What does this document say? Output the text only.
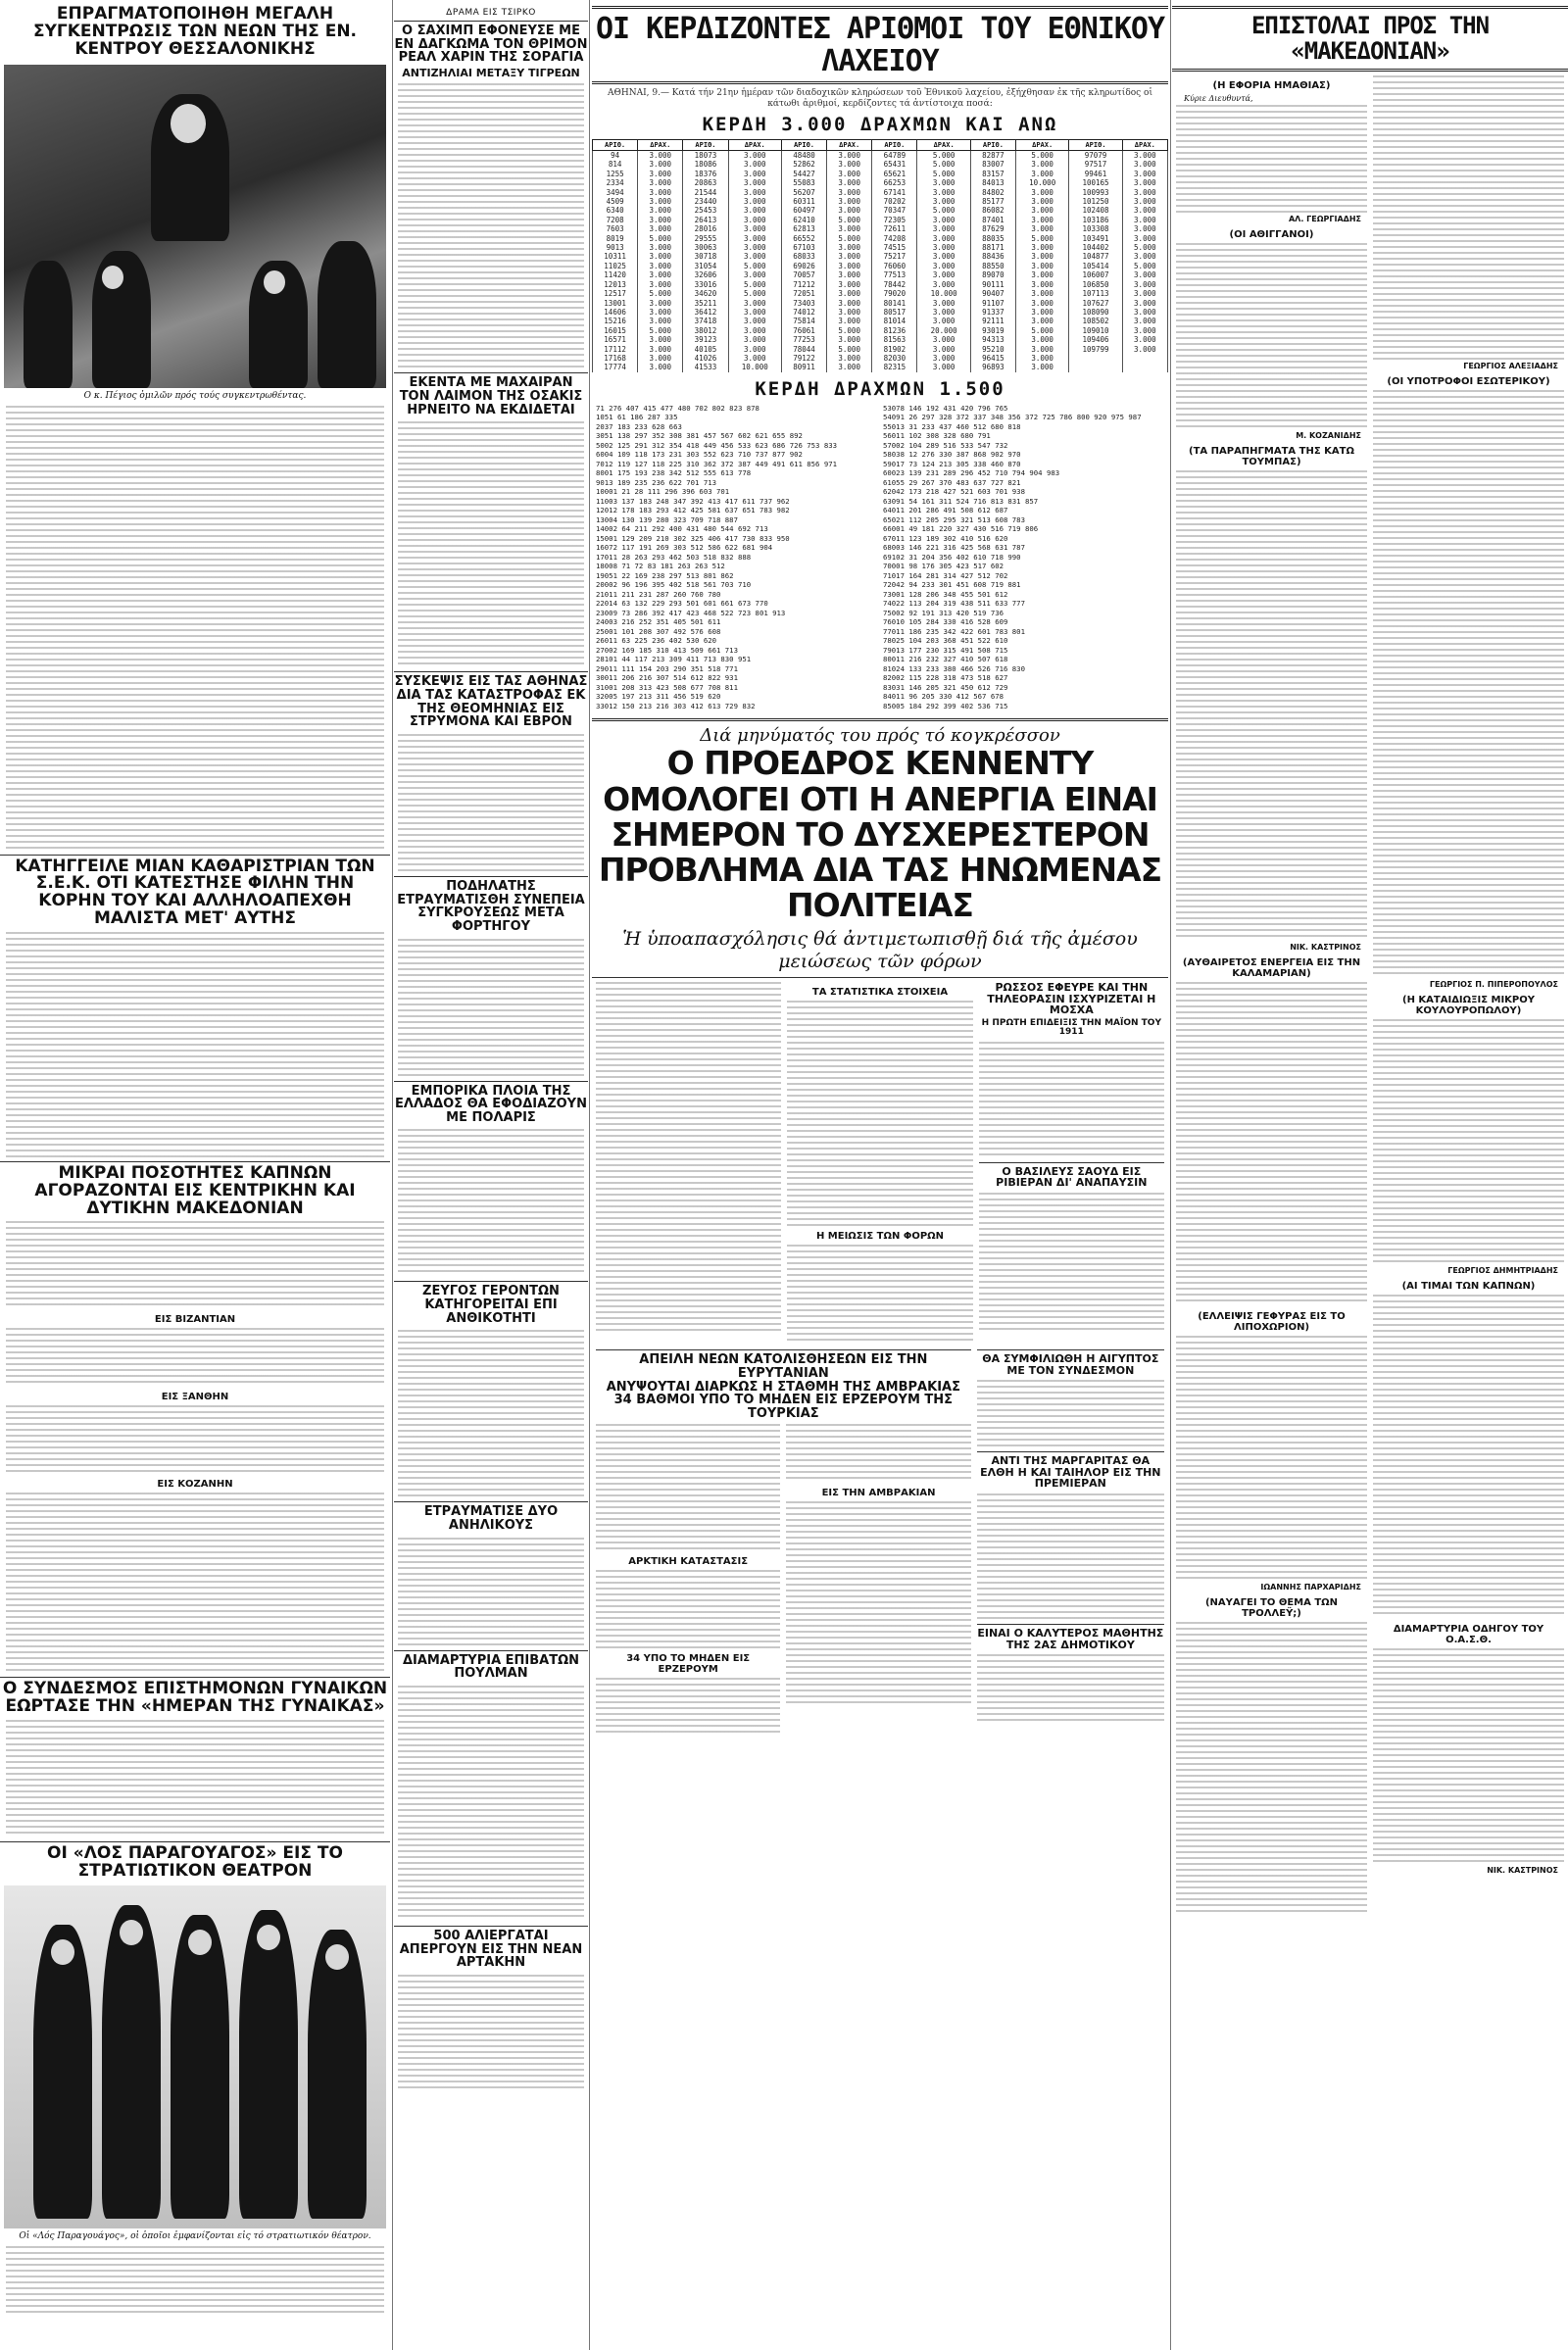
ΕΠΡΑΓΜΑΤΟΠΟΙΗΘΗ ΜΕΓΑΛΗ ΣΥΓΚΕΝΤΡΩΣΙΣ ΤΩΝ ΝΕΩΝ ΤΗΣ ΕΝ. ΚΕΝΤΡΟΥ ΘΕΣΣΑΛΟΝΙΚΗΣ
Ο κ. Πέγιος ὁμιλῶν πρός τούς συγκεντρωθέντας.
ΚΑΤΗΓΓΕΙΛΕ ΜΙΑΝ ΚΑΘΑΡΙΣΤΡΙΑΝ ΤΩΝ Σ.Ε.Κ. ΟΤΙ ΚΑΤΕΣΤΗΣΕ ΦΙΛΗΝ ΤΗΝ ΚΟΡΗΝ ΤΟΥ ΚΑΙ ΑΛΛΗΛΟΑΠΕΧΘΗ ΜΑΛΙΣΤΑ ΜΕΤ' ΑΥΤΗΣ
ΜΙΚΡΑΙ ΠΟΣΟΤΗΤΕΣ ΚΑΠΝΩΝ ΑΓΟΡΑΖΟΝΤΑΙ ΕΙΣ ΚΕΝΤΡΙΚΗΝ ΚΑΙ ΔΥΤΙΚΗΝ ΜΑΚΕΔΟΝΙΑΝ
ΕΙΣ ΒΙΖΑΝΤΙΑΝ
ΕΙΣ ΞΑΝΘΗΝ
ΕΙΣ ΚΟΖΑΝΗΝ
Ο ΣΥΝΔΕΣΜΟΣ ΕΠΙΣΤΗΜΟΝΩΝ ΓΥΝΑΙΚΩΝ ΕΩΡΤΑΣΕ ΤΗΝ «ΗΜΕΡΑΝ ΤΗΣ ΓΥΝΑΙΚΑΣ»
ΟΙ «ΛΟΣ ΠΑΡΑΓΟΥΑΓΟΣ» ΕΙΣ ΤΟ ΣΤΡΑΤΙΩΤΙΚΟΝ ΘΕΑΤΡΟΝ
Οἱ «Λός Παραγουάγος», οἱ ὁποῖοι ἐμφανίζονται εἰς τό στρατιωτικόν θέατρον.
ΔΡΑΜΑ ΕΙΣ ΤΣΙΡΚΟ
Ο ΣΑΧΙΜΠ ΕΦΟΝΕΥΣΕ ΜΕ ΕΝ ΔΑΓΚΩΜΑ ΤΟΝ ΘΡΙΜΟΝ ΡΕΑΛ ΧΑΡΙΝ ΤΗΣ ΣΟΡΑΓΙΑ
ΑΝΤΙΖΗΛΙΑΙ ΜΕΤΑΞΥ ΤΙΓΡΕΩΝ
ΕΚΕΝΤΑ ΜΕ ΜΑΧΑΙΡΑΝ ΤΟΝ ΛΑΙΜΟΝ ΤΗΣ ΟΣΑΚΙΣ ΗΡΝΕΙΤΟ ΝΑ ΕΚΔΙΔΕΤΑΙ
ΣΥΣΚΕΨΙΣ ΕΙΣ ΤΑΣ ΑΘΗΝΑΣ ΔΙΑ ΤΑΣ ΚΑΤΑΣΤΡΟΦΑΣ ΕΚ ΤΗΣ ΘΕΟΜΗΝΙΑΣ ΕΙΣ ΣΤΡΥΜΟΝΑ ΚΑΙ ΕΒΡΟΝ
ΠΟΔΗΛΑΤΗΣ ΕΤΡΑΥΜΑΤΙΣΘΗ ΣΥΝΕΠΕΙΑ ΣΥΓΚΡΟΥΣΕΩΣ ΜΕΤΑ ΦΟΡΤΗΓΟΥ
ΕΜΠΟΡΙΚΑ ΠΛΟΙΑ ΤΗΣ ΕΛΛΑΔΟΣ ΘΑ ΕΦΟΔΙΑΖΟΥΝ ΜΕ ΠΟΛΑΡΙΣ
ΖΕΥΓΟΣ ΓΕΡΟΝΤΩΝ ΚΑΤΗΓΟΡΕΙΤΑΙ ΕΠΙ ΑΝΘΙΚΟΤΗΤΙ
ΕΤΡΑΥΜΑΤΙΣΕ ΔΥΟ ΑΝΗΛΙΚΟΥΣ
ΔΙΑΜΑΡΤΥΡΙΑ ΕΠΙΒΑΤΩΝ ΠΟΥΛΜΑΝ
500 ΑΛΙΕΡΓΑΤΑΙ ΑΠΕΡΓΟΥΝ ΕΙΣ ΤΗΝ ΝΕΑΝ ΑΡΤΑΚΗΝ
ΟΙ ΚΕΡΔΙΖΟΝΤΕΣ ΑΡΙΘΜΟΙ ΤΟΥ ΕΘΝΙΚΟΥ ΛΑΧΕΙΟΥ
ΑΘΗΝΑΙ, 9.— Κατά τήν 21ην ἡμέραν τῶν διαδοχικῶν κληρώσεων τοῦ Ἐθνικοῦ λαχείου, ἐξήχθησαν ἐκ τῆς κληρωτίδος οἱ κάτωθι ἀριθμοί, κερδίζοντες τά ἀντίστοιχα ποσά:
ΚΕΡΔΗ 3.000 ΔΡΑΧΜΩΝ ΚΑΙ ΑΝΩ
ΑΡΙΘ.	ΔΡΑΧ.	ΑΡΙΘ.	ΔΡΑΧ.	ΑΡΙΘ.	ΔΡΑΧ.	ΑΡΙΘ.	ΔΡΑΧ.	ΑΡΙΘ.	ΔΡΑΧ.	ΑΡΙΘ.	ΔΡΑΧ.
94	3.000	18073	3.000	48480	3.000	64789	5.000	82877	5.000	97079	3.000
814	3.000	18086	3.000	52862	3.000	65431	5.000	83007	3.000	97517	3.000
1255	3.000	18376	3.000	54427	3.000	65621	5.000	83157	3.000	99461	3.000
2334	3.000	20863	3.000	55083	3.000	66253	3.000	84013	10.000	100165	3.000
3494	3.000	21544	3.000	56207	3.000	67141	3.000	84802	3.000	100993	3.000
4509	3.000	23440	3.000	60311	3.000	70202	3.000	85177	3.000	101250	3.000
6340	3.000	25453	3.000	60497	3.000	70347	5.000	86082	3.000	102408	3.000
7208	3.000	26413	3.000	62410	5.000	72305	3.000	87401	3.000	103186	3.000
7603	3.000	28016	3.000	62813	3.000	72611	3.000	87629	3.000	103308	3.000
8019	5.000	29555	3.000	66552	5.000	74208	3.000	88035	5.000	103491	3.000
9013	3.000	30063	3.000	67103	3.000	74515	3.000	88171	3.000	104402	5.000
10311	3.000	30718	3.000	68033	3.000	75217	3.000	88436	3.000	104877	3.000
11025	3.000	31054	5.000	69026	3.000	76060	3.000	88550	3.000	105414	5.000
11420	3.000	32606	3.000	70057	3.000	77513	3.000	89070	3.000	106007	3.000
12013	3.000	33016	5.000	71212	3.000	78442	3.000	90111	3.000	106850	3.000
12517	5.000	34620	5.000	72051	3.000	79020	10.000	90407	3.000	107113	3.000
13001	3.000	35211	3.000	73403	3.000	80141	3.000	91107	3.000	107627	3.000
14606	3.000	36412	3.000	74012	3.000	80517	3.000	91337	3.000	108090	3.000
15216	3.000	37418	3.000	75814	3.000	81014	3.000	92111	3.000	108502	3.000
16015	5.000	38012	3.000	76061	5.000	81236	20.000	93019	5.000	109010	3.000
16571	3.000	39123	3.000	77253	3.000	81563	3.000	94313	3.000	109406	3.000
17112	3.000	40105	3.000	78044	5.000	81902	3.000	95210	3.000	109799	3.000
17168	3.000	41026	3.000	79122	3.000	82030	3.000	96415	3.000		
17774	3.000	41533	10.000	80911	3.000	82315	3.000	96893	3.000		
ΚΕΡΔΗ ΔΡΑΧΜΩΝ 1.500
71 276 407 415 477 480 702 802 823 878
1051 61 186 287 335
2037 183 233 628 663
3051 138 297 352 308 381 457 567 602 621 655 892
5002 125 291 312 354 418 449 456 533 623 686 726 753 833
6004 109 118 173 231 303 552 623 710 737 877 902
7012 119 127 118 225 310 362 372 387 449 491 611 856 971
8001 175 193 238 342 512 555 613 778
9013 189 235 236 622 701 713
10001 21 28 111 296 396 603 701
11003 137 183 248 347 392 413 417 611 737 962
12012 178 183 293 412 425 581 637 651 783 982
13004 130 139 280 323 709 718 887
14002 64 211 292 400 431 480 544 692 713
15001 129 209 210 302 325 406 417 730 833 950
16072 117 191 269 303 512 586 622 681 904
17011 28 263 293 462 503 518 832 888
18008 71 72 83 181 263 263 512
19051 22 169 238 297 513 801 862
20002 96 196 395 402 518 561 703 710
21011 211 231 287 260 760 780
22014 63 132 229 293 501 601 661 673 770
23009 73 286 392 417 423 468 522 723 801 913
24003 216 252 351 405 501 611
25001 101 208 307 492 576 608
26011 63 225 236 402 530 620
27002 169 185 310 413 509 661 713
28101 44 117 213 309 411 713 830 951
29011 111 154 203 290 351 518 771
30011 206 216 307 514 612 822 931
31001 208 313 423 508 677 708 811
32005 197 213 311 456 519 620
33012 150 213 216 303 412 613 729 832
53078 146 192 431 420 796 765
54091 26 297 328 372 337 348 356 372 725 786 800 920 975 987
55013 31 233 437 460 512 680 818
56011 102 308 328 680 791
57002 104 289 516 533 547 732
58038 12 276 330 387 868 902 970
59017 73 124 213 305 338 460 870
60023 139 231 289 296 452 710 794 904 983
61055 29 267 370 483 637 727 821
62042 173 218 427 521 603 701 938
63091 54 161 311 524 716 813 831 857
64011 201 286 491 508 612 687
65021 112 205 295 321 513 608 783
66001 49 181 220 327 430 516 719 806
67011 123 189 302 410 516 620
68003 146 221 316 425 568 631 787
69102 31 204 356 402 610 718 990
70001 98 176 305 423 517 602
71017 164 281 314 427 512 702
72042 94 233 301 451 608 719 881
73001 128 206 348 455 501 612
74022 113 204 319 438 511 633 777
75002 92 191 313 420 519 736
76010 105 284 330 416 528 609
77011 186 235 342 422 601 783 801
78025 104 203 368 451 522 610
79013 177 230 315 491 508 715
80011 216 232 327 410 507 618
81024 133 233 380 466 526 716 830
82002 115 228 318 473 518 627
83031 146 205 321 450 612 729
84011 96 205 330 412 567 678
85005 184 292 399 402 536 715
Διά μηνύματός του πρός τό κογκρέσσον
Ο ΠΡΟΕΔΡΟΣ ΚΕΝΝΕΝΤΥ ΟΜΟΛΟΓΕΙ ΟΤΙ Η ΑΝΕΡΓΙΑ ΕΙΝΑΙ ΣΗΜΕΡΟΝ ΤΟ ΔΥΣΧΕΡΕΣΤΕΡΟΝ ΠΡΟΒΛΗΜΑ ΔΙΑ ΤΑΣ ΗΝΩΜΕΝΑΣ ΠΟΛΙΤΕΙΑΣ
Ἡ ὑποαπασχόλησις θά ἀντιμετωπισθῇ διά τῆς ἀμέσου μειώσεως τῶν φόρων
ΤΑ ΣΤΑΤΙΣΤΙΚΑ ΣΤΟΙΧΕΙΑ
Η ΜΕΙΩΣΙΣ ΤΩΝ ΦΟΡΩΝ
ΡΩΣΣΟΣ ΕΦΕΥΡΕ ΚΑΙ ΤΗΝ ΤΗΛΕΟΡΑΣΙΝ ΙΣΧΥΡΙΖΕΤΑΙ Η ΜΟΣΧΑ
Η ΠΡΩΤΗ ΕΠΙΔΕΙΞΙΣ ΤΗΝ ΜΑΪΟΝ ΤΟΥ 1911
Ο ΒΑΣΙΛΕΥΣ ΣΑΟΥΔ ΕΙΣ ΡΙΒΙΕΡΑΝ ΔΙ' ΑΝΑΠΑΥΣΙΝ
ΑΠΕΙΛΗ ΝΕΩΝ ΚΑΤΟΛΙΣΘΗΣΕΩΝ ΕΙΣ ΤΗΝ ΕΥΡΥΤΑΝΙΑΝ
ΑΝΥΨΟΥΤΑΙ ΔΙΑΡΚΩΣ Η ΣΤΑΘΜΗ ΤΗΣ ΑΜΒΡΑΚΙΑΣ
34 ΒΑΘΜΟΙ ΥΠΟ ΤΟ ΜΗΔΕΝ ΕΙΣ ΕΡΖΕΡΟΥΜ ΤΗΣ ΤΟΥΡΚΙΑΣ
ΑΡΚΤΙΚΗ ΚΑΤΑΣΤΑΣΙΣ
34 ΥΠΟ ΤΟ ΜΗΔΕΝ ΕΙΣ ΕΡΖΕΡΟΥΜ
ΕΙΣ ΤΗΝ ΑΜΒΡΑΚΙΑΝ
ΘΑ ΣΥΜΦΙΛΙΩΘΗ Η ΑΙΓΥΠΤΟΣ ΜΕ ΤΟΝ ΣΥΝΔΕΣΜΟΝ
ΑΝΤΙ ΤΗΣ ΜΑΡΓΑΡΙΤΑΣ ΘΑ ΕΛΘΗ Η ΚΑΙ ΤΑΙΗΛΟΡ ΕΙΣ ΤΗΝ ΠΡΕΜΙΕΡΑΝ
ΕΙΝΑΙ Ο ΚΑΛΥΤΕΡΟΣ ΜΑΘΗΤΗΣ ΤΗΣ 2ΑΣ ΔΗΜΟΤΙΚΟΥ
ΕΠΙΣΤΟΛΑΙ ΠΡΟΣ ΤΗΝ «ΜΑΚΕΔΟΝΙΑΝ»
(Η ΕΦΟΡΙΑ ΗΜΑΘΙΑΣ)
Κύριε Διευθυντά,
ΑΛ. ΓΕΩΡΓΙΑΔΗΣ
(ΟΙ ΑΘΙΓΓΑΝΟΙ)
Μ. ΚΟΖΑΝΙΔΗΣ
(ΤΑ ΠΑΡΑΠΗΓΜΑΤΑ ΤΗΣ ΚΑΤΩ ΤΟΥΜΠΑΣ)
ΝΙΚ. ΚΑΣΤΡΙΝΟΣ
(ΑΥΘΑΙΡΕΤΟΣ ΕΝΕΡΓΕΙΑ ΕΙΣ ΤΗΝ ΚΑΛΑΜΑΡΙΑΝ)
(ΕΛΛΕΙΨΙΣ ΓΕΦΥΡΑΣ ΕΙΣ ΤΟ ΛΙΠΟΧΩΡΙΟΝ)
ΙΩΑΝΝΗΣ ΠΑΡΧΑΡΙΔΗΣ
(ΝΑΥΑΓΕΙ ΤΟ ΘΕΜΑ ΤΩΝ ΤΡΟΛΛΕΫ;)
ΓΕΩΡΓΙΟΣ ΑΛΕΞΙΑΔΗΣ
(ΟΙ ΥΠΟΤΡΟΦΟΙ ΕΣΩΤΕΡΙΚΟΥ)
ΓΕΩΡΓΙΟΣ Π. ΠΙΠΕΡΟΠΟΥΛΟΣ
(Η ΚΑΤΑΙΔΙΩΞΙΣ ΜΙΚΡΟΥ ΚΟΥΛΟΥΡΟΠΩΛΟΥ)
ΓΕΩΡΓΙΟΣ ΔΗΜΗΤΡΙΑΔΗΣ
(ΑΙ ΤΙΜΑΙ ΤΩΝ ΚΑΠΝΩΝ)
ΔΙΑΜΑΡΤΥΡΙΑ ΟΔΗΓΟΥ ΤΟΥ Ο.Α.Σ.Θ.
ΝΙΚ. ΚΑΣΤΡΙΝΟΣ
